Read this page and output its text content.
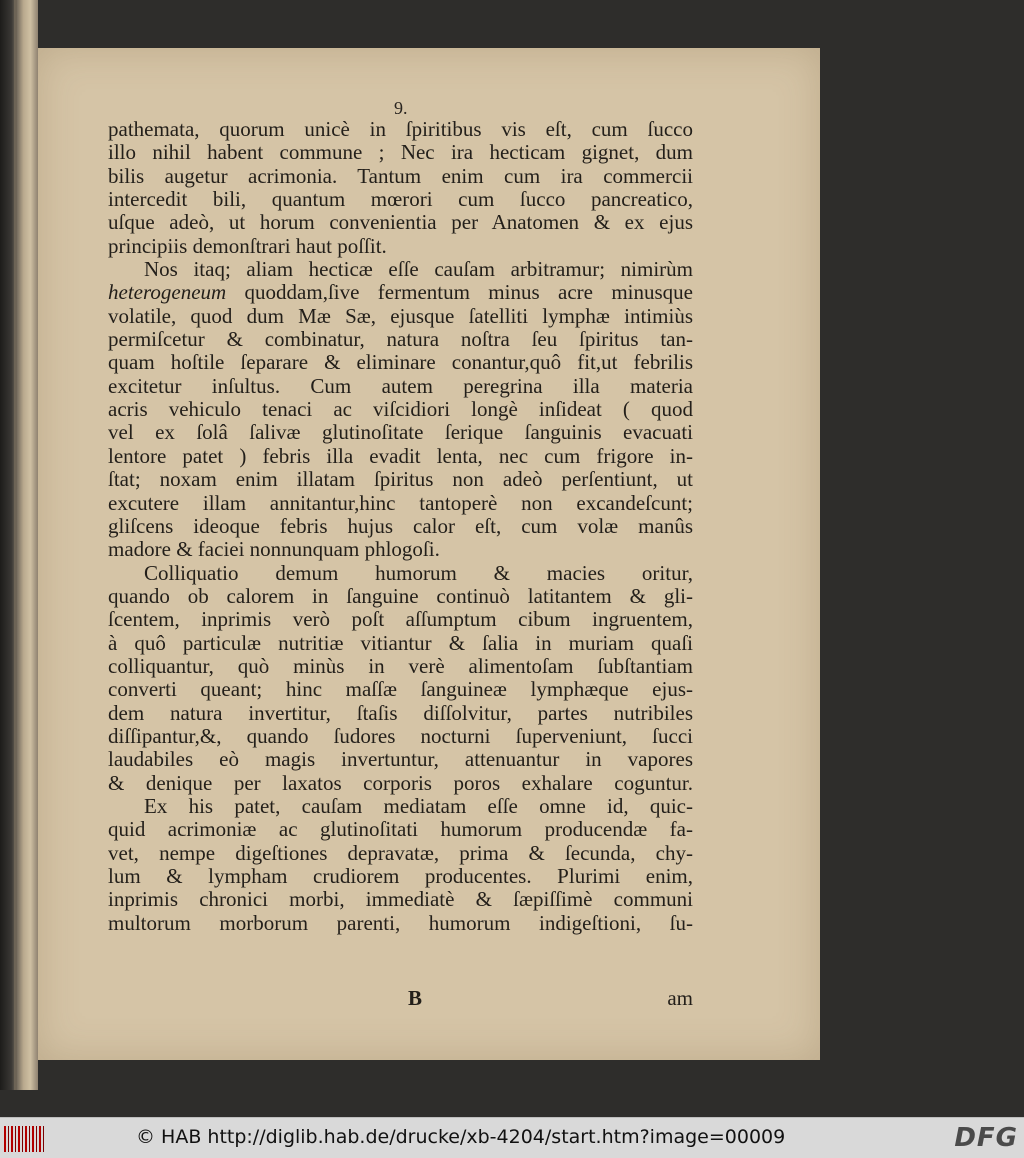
9.
pathemata, quorum unicè in ſpiritibus vis eſt, cum ſucco
illo nihil habent commune ; Nec ira hecticam gignet, dum
bilis augetur acrimonia. Tantum enim cum ira commercii
intercedit bili, quantum mœrori cum ſucco pancreatico,
uſque adeò, ut horum convenientia per Anatomen & ex ejus
principiis demonſtrari haut poſſit.
Nos itaq; aliam hecticæ eſſe cauſam arbitramur; nimirùm
heterogeneum quoddam,ſive fermentum minus acre minusque
volatile, quod dum Mæ Sæ, ejusque ſatelliti lymphæ intimiùs
permiſcetur & combinatur, natura noſtra ſeu ſpiritus tan-
quam hoſtile ſeparare & eliminare conantur,quô fit,ut febrilis
excitetur inſultus. Cum autem peregrina illa materia
acris vehiculo tenaci ac viſcidiori longè inſideat ( quod
vel ex ſolâ ſalivæ glutinoſitate ſerique ſanguinis evacuati
lentore patet ) febris illa evadit lenta, nec cum frigore in-
ſtat; noxam enim illatam ſpiritus non adeò perſentiunt, ut
excutere illam annitantur,hinc tantoperè non excandeſcunt;
gliſcens ideoque febris hujus calor eſt, cum volæ manûs
madore & faciei nonnunquam phlogoſi.
Colliquatio demum humorum & macies oritur,
quando ob calorem in ſanguine continuò latitantem & gli-
ſcentem, inprimis verò poſt aſſumptum cibum ingruentem,
à quô particulæ nutritiæ vitiantur & ſalia in muriam quaſi
colliquantur, quò minùs in verè alimentoſam ſubſtantiam
converti queant; hinc maſſæ ſanguineæ lymphæque ejus-
dem natura invertitur, ſtaſis diſſolvitur, partes nutribiles
diſſipantur,&, quando ſudores nocturni ſuperveniunt, ſucci
laudabiles eò magis invertuntur, attenuantur in vapores
& denique per laxatos corporis poros exhalare coguntur.
Ex his patet, cauſam mediatam eſſe omne id, quic-
quid acrimoniæ ac glutinoſitati humorum producendæ fa-
vet, nempe digeſtiones depravatæ, prima & ſecunda, chy-
lum & lympham crudiorem producentes. Plurimi enim,
inprimis chronici morbi, immediatè & ſæpiſſimè communi
multorum morborum parenti, humorum indigeſtioni, ſu-
B	am
© HAB http://diglib.hab.de/drucke/xb-4204/start.htm?image=00009	DFG
